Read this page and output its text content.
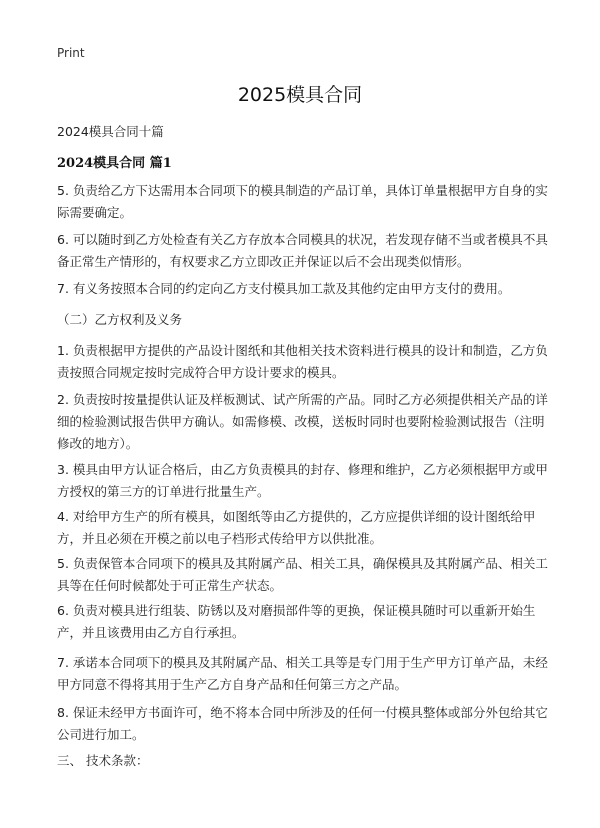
Print
2025模具合同
2024模具合同十篇
2024模具合同 篇1

5. 负责给乙方下达需用本合同项下的模具制造的产品订单，具体订单量根据甲方自身的实际需要确定。

6. 可以随时到乙方处检查有关乙方存放本合同模具的状况，若发现存储不当或者模具不具备正常生产情形的，有权要求乙方立即改正并保证以后不会出现类似情形。

7. 有义务按照本合同的约定向乙方支付模具加工款及其他约定由甲方支付的费用。

（二）乙方权利及义务

1. 负责根据甲方提供的产品设计图纸和其他相关技术资料进行模具的设计和制造，乙方负责按照合同规定按时完成符合甲方设计要求的模具。

2. 负责按时按量提供认证及样板测试、试产所需的产品。同时乙方必须提供相关产品的详细的检验测试报告供甲方确认。如需修模、改模，送板时同时也要附检验测试报告（注明修改的地方）。

3. 模具由甲方认证合格后，由乙方负责模具的封存、修理和维护，乙方必须根据甲方或甲方授权的第三方的订单进行批量生产。

4. 对给甲方生产的所有模具，如图纸等由乙方提供的，乙方应提供详细的设计图纸给甲方，并且必须在开模之前以电子档形式传给甲方以供批准。

5. 负责保管本合同项下的模具及其附属产品、相关工具，确保模具及其附属产品、相关工具等在任何时候都处于可正常生产状态。

6. 负责对模具进行组装、防锈以及对磨损部件等的更换，保证模具随时可以重新开始生产，并且该费用由乙方自行承担。

7. 承诺本合同项下的模具及其附属产品、相关工具等是专门用于生产甲方订单产品，未经甲方同意不得将其用于生产乙方自身产品和任何第三方之产品。

8. 保证未经甲方书面许可，绝不将本合同中所涉及的任何一付模具整体或部分外包给其它公司进行加工。

三、 技术条款：
